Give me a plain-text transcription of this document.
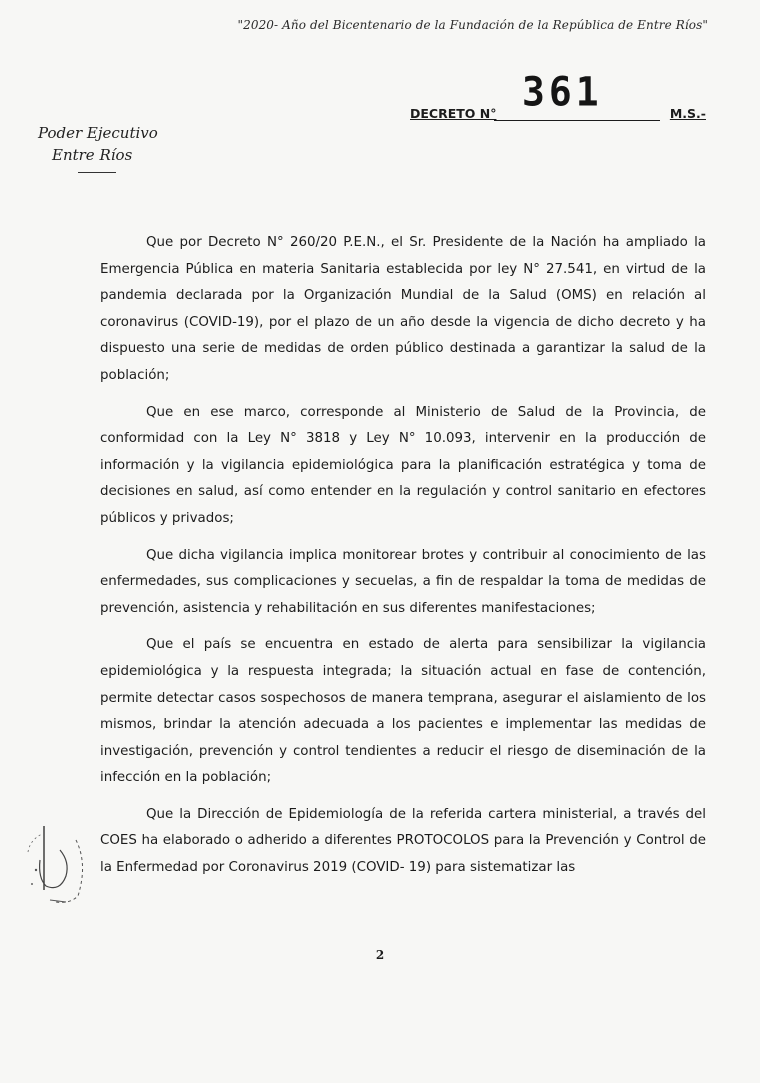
"2020- Año del Bicentenario de la Fundación de la República de Entre Ríos"
361
DECRETO N°	M.S.-
Poder Ejecutivo
Entre Ríos

Que por Decreto N° 260/20 P.E.N., el Sr. Presidente de la Nación ha ampliado la Emergencia Pública en materia Sanitaria establecida por ley N° 27.541, en virtud de la pandemia declarada por la Organización Mundial de la Salud (OMS) en relación al coronavirus (COVID-19), por el plazo de un año desde la vigencia de dicho decreto y ha dispuesto una serie de medidas de orden público destinada a garantizar la salud de la población;

Que en ese marco, corresponde al Ministerio de Salud de la Provincia, de conformidad con la Ley N° 3818 y Ley N° 10.093, intervenir en la producción de información y la vigilancia epidemiológica para la planificación estratégica y toma de decisiones en salud, así como entender en la regulación y control sanitario en efectores públicos y privados;

Que dicha vigilancia implica monitorear brotes y contribuir al conocimiento de las enfermedades, sus complicaciones y secuelas, a fin de respaldar la toma de medidas de prevención, asistencia y rehabilitación en sus diferentes manifestaciones;

Que el país se encuentra en estado de alerta para sensibilizar la vigilancia epidemiológica y la respuesta integrada; la situación actual en fase de contención, permite detectar casos sospechosos de manera temprana, asegurar el aislamiento de los mismos, brindar la atención adecuada a los pacientes e implementar las medidas de investigación, prevención y control tendientes a reducir el riesgo de diseminación de la infección en la población;

Que la Dirección de Epidemiología de la referida cartera ministerial, a través del COES ha elaborado o adherido a diferentes PROTOCOLOS para la Prevención y Control de la Enfermedad por Coronavirus 2019 (COVID- 19) para sistematizar las

2
